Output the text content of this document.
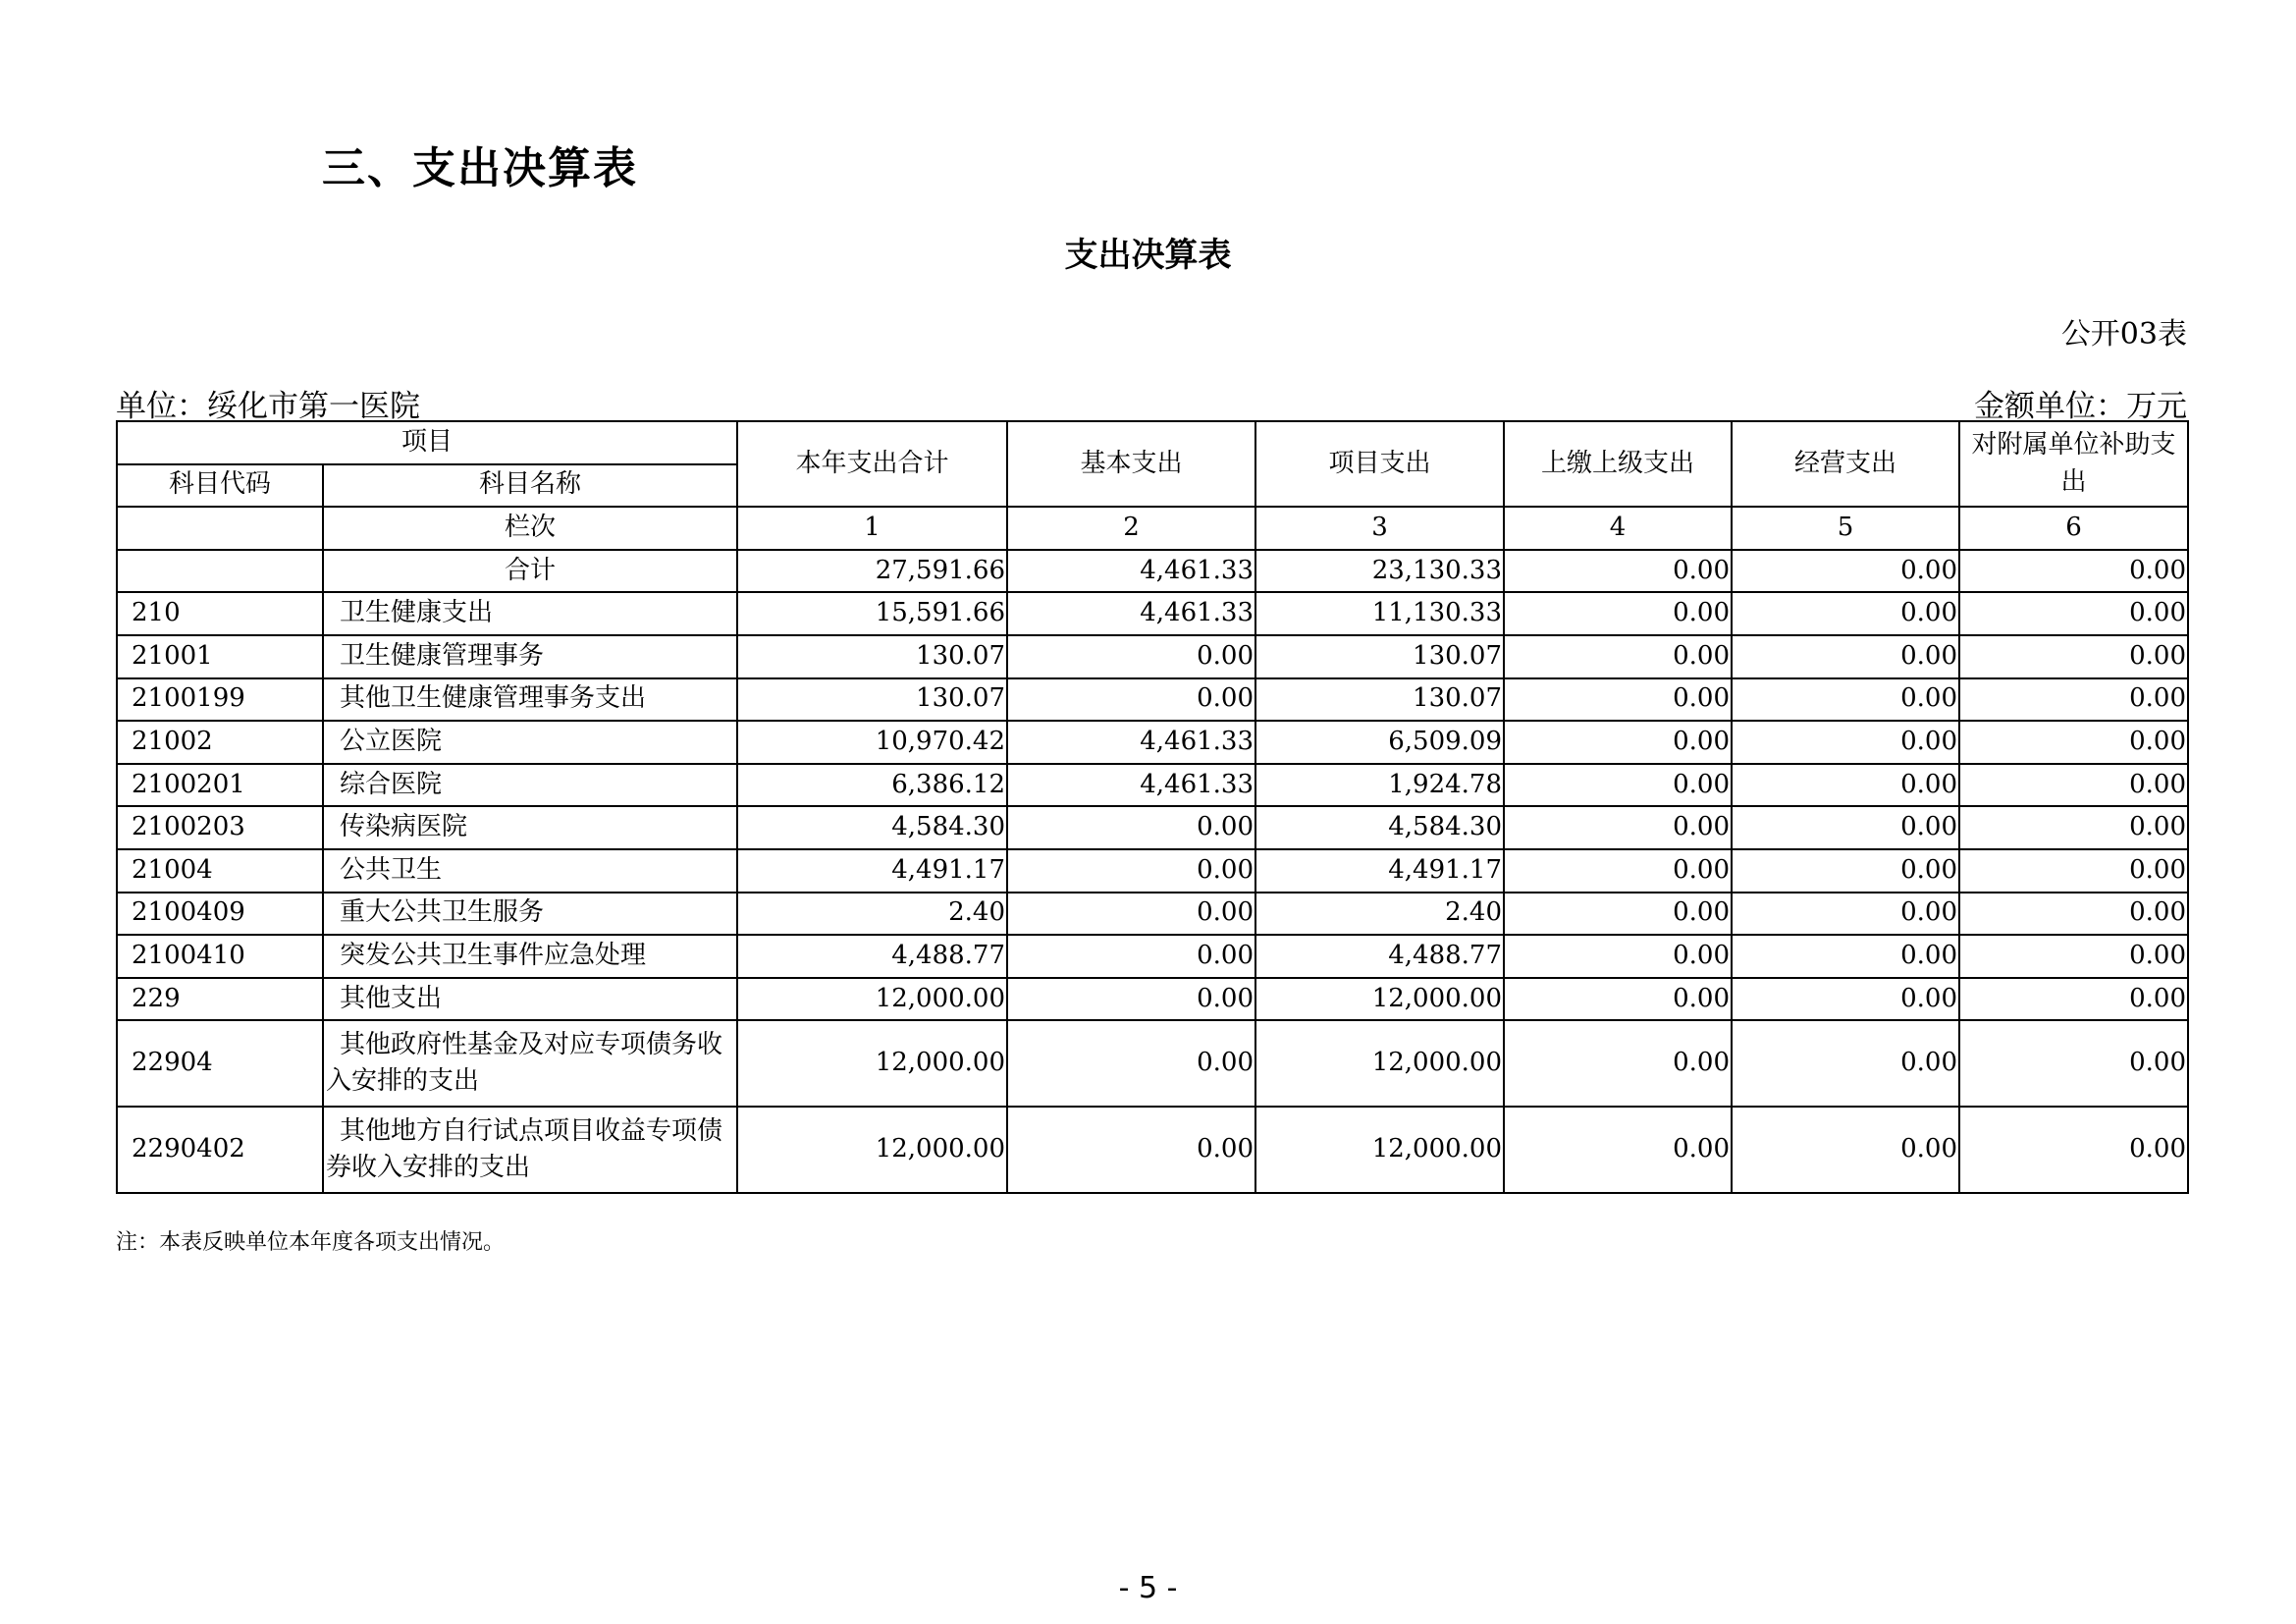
三、支出决算表
支出决算表
公开03表
单位：绥化市第一医院	金额单位：万元
项目		本年支出合计	基本支出	项目支出	上缴上级支出	经营支出	对附属单位补助支出
科目代码	科目名称						
	栏次	1	2	3	4	5	6
	合计	27,591.66	4,461.33	23,130.33	0.00	0.00	0.00
210	卫生健康支出	15,591.66	4,461.33	11,130.33	0.00	0.00	0.00
21001	卫生健康管理事务	130.07	0.00	130.07	0.00	0.00	0.00
2100199	其他卫生健康管理事务支出	130.07	0.00	130.07	0.00	0.00	0.00
21002	公立医院	10,970.42	4,461.33	6,509.09	0.00	0.00	0.00
2100201	综合医院	6,386.12	4,461.33	1,924.78	0.00	0.00	0.00
2100203	传染病医院	4,584.30	0.00	4,584.30	0.00	0.00	0.00
21004	公共卫生	4,491.17	0.00	4,491.17	0.00	0.00	0.00
2100409	重大公共卫生服务	2.40	0.00	2.40	0.00	0.00	0.00
2100410	突发公共卫生事件应急处理	4,488.77	0.00	4,488.77	0.00	0.00	0.00
229	其他支出	12,000.00	0.00	12,000.00	0.00	0.00	0.00
22904	其他政府性基金及对应专项债务收入安排的支出	12,000.00	0.00	12,000.00	0.00	0.00	0.00
2290402	其他地方自行试点项目收益专项债券收入安排的支出	12,000.00	0.00	12,000.00	0.00	0.00	0.00
注：本表反映单位本年度各项支出情况。
- 5 -
